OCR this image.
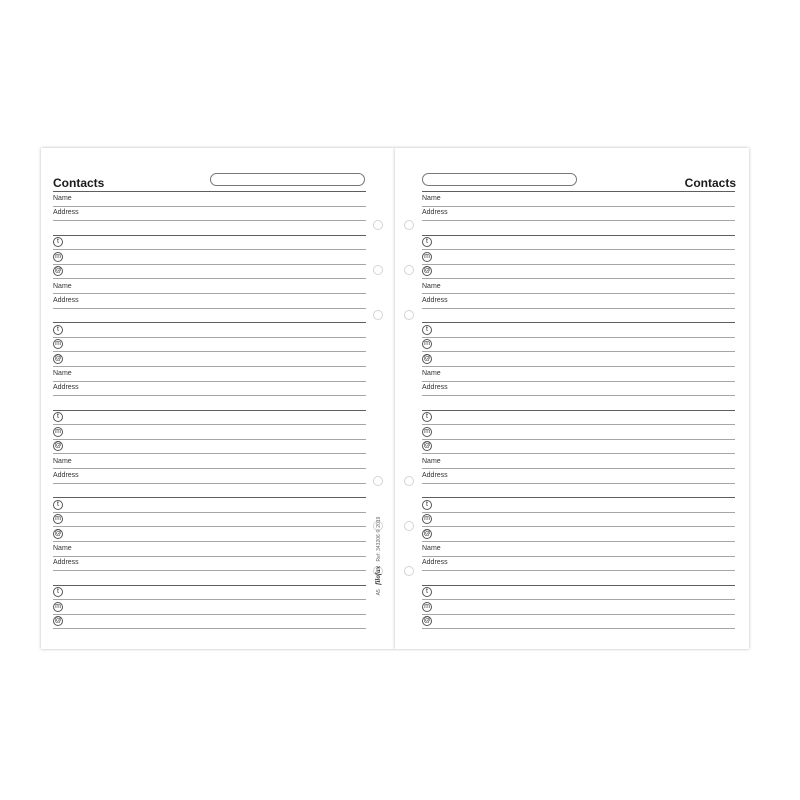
Contacts
Name
Address
t
m
@
Name
Address
t
m
@
Name
Address
t
m
@
Name
Address
t
m
@
Name
Address
t
m
@
A5 filofax Ref: 343206 © 2019
Contacts
Name
Address
t
m
@
Name
Address
t
m
@
Name
Address
t
m
@
Name
Address
t
m
@
Name
Address
t
m
@
